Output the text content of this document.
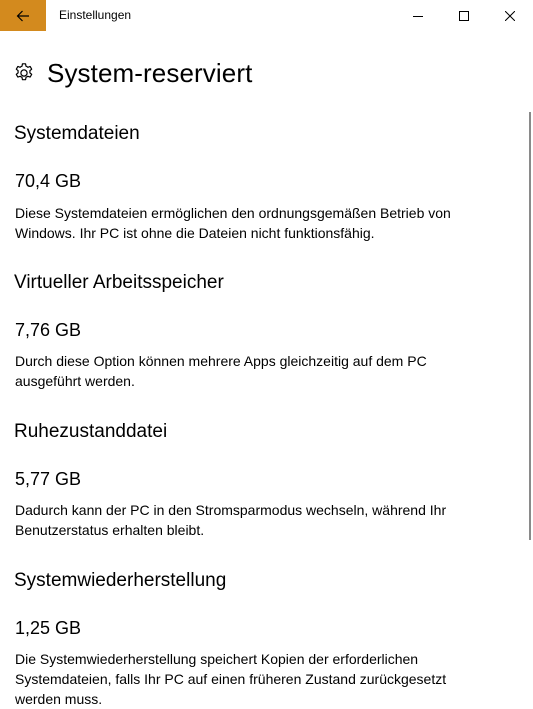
Einstellungen
System-reserviert
Systemdateien
70,4 GB
Diese Systemdateien ermöglichen den ordnungsgemäßen Betrieb von Windows. Ihr PC ist ohne die Dateien nicht funktionsfähig.
Virtueller Arbeitsspeicher
7,76 GB
Durch diese Option können mehrere Apps gleichzeitig auf dem PC ausgeführt werden.
Ruhezustanddatei
5,77 GB
Dadurch kann der PC in den Stromsparmodus wechseln, während Ihr Benutzerstatus erhalten bleibt.
Systemwiederherstellung
1,25 GB
Die Systemwiederherstellung speichert Kopien der erforderlichen Systemdateien, falls Ihr PC auf einen früheren Zustand zurückgesetzt werden muss.
